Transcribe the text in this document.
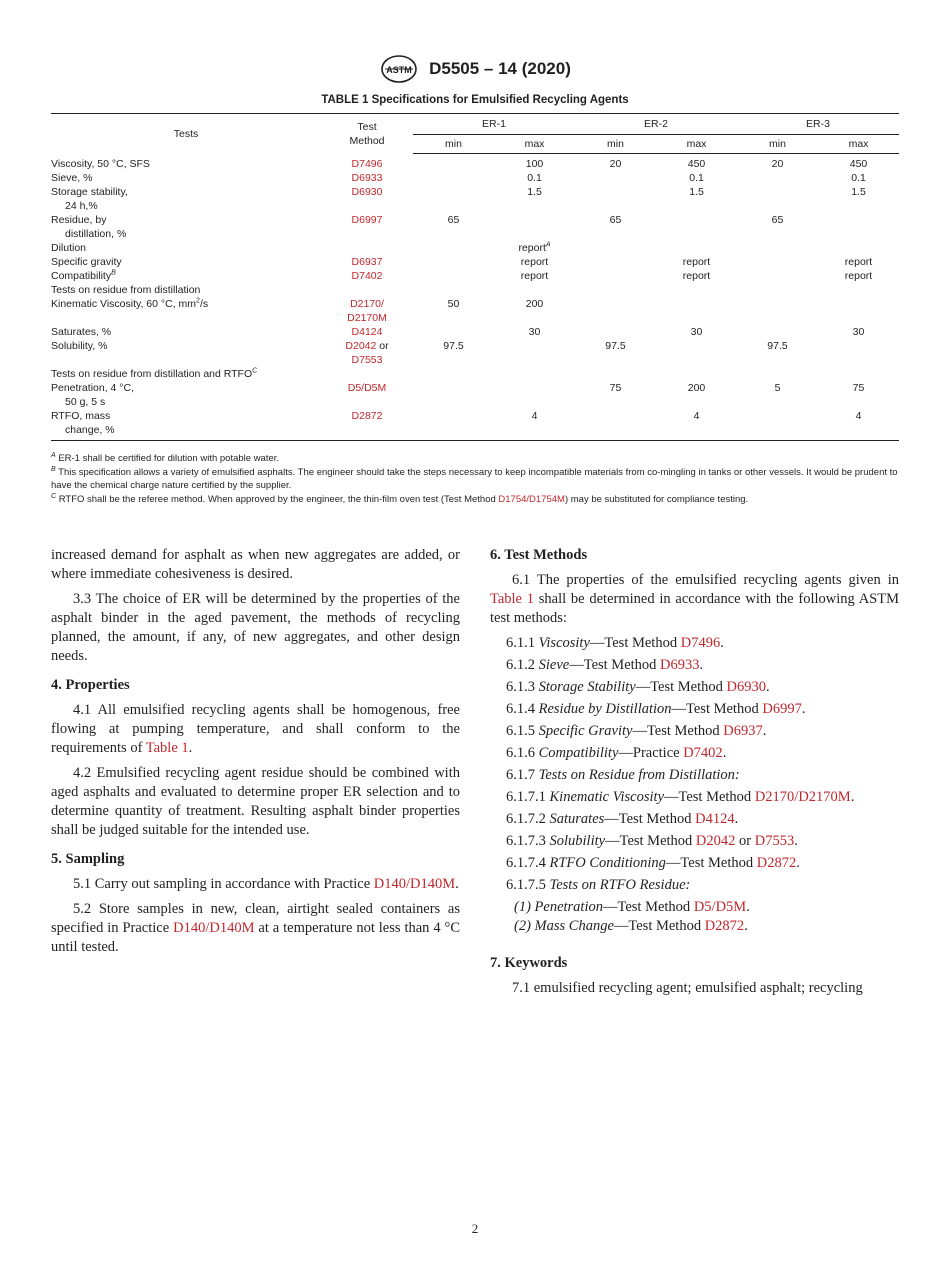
ASTM D5505 – 14 (2020)
TABLE 1 Specifications for Emulsified Recycling Agents
Tests	Test Method	ER-1		ER-2		ER-3	
		min	max	min	max	min	max
Viscosity, 50 °C, SFS	D7496		100	20	450	20	450
Sieve, %	D6933		0.1		0.1		0.1
Storage stability,
24 h,%	D6930		1.5		1.5		1.5
Residue, by
distillation, %	D6997	65		65		65	
Dilution			report$^A$				
Specific gravity	D6937		report		report		report
Compatibility$^B$	D7402		report		report		report
Tests on residue from distillation							
Kinematic Viscosity, 60 °C, $mm^2/s$	D2170/
D2170M	50	200				
Saturates, %	D4124		30		30		30
Solubility, %	D2042 or
D7553	97.5		97.5		97.5	
Tests on residue from distillation and $RTFO^C$							
Penetration, 4 °C,
50 g, 5 s	D5/D5M			75	200	5	75
RTFO, mass
change, %	D2872		4		4		4

$^A$ ER-1 shall be certified for dilution with potable water.

$^B$ This specification allows a variety of emulsified asphalts. The engineer should take the steps necessary to keep incompatible materials from co-mingling in tanks or other vessels. It would be prudent to have the chemical charge nature certified by the supplier.

$^C$ RTFO shall be the referee method. When approved by the engineer, the thin-film oven test (Test Method D1754/D1754M) may be substituted for compliance testing.

increased demand for asphalt as when new aggregates are added, or where immediate cohesiveness is desired.

3.3 The choice of ER will be determined by the properties of the asphalt binder in the aged pavement, the methods of recycling planned, the amount, if any, of new aggregates, and other design needs.

4. Properties

4.1 All emulsified recycling agents shall be homogenous, free flowing at pumping temperature, and shall conform to the requirements of Table 1.

4.2 Emulsified recycling agent residue should be combined with aged asphalts and evaluated to determine proper ER selection and to determine quantity of treatment. Resulting asphalt binder properties shall be judged suitable for the intended use.

5. Sampling

5.1 Carry out sampling in accordance with Practice D140/D140M.

5.2 Store samples in new, clean, airtight sealed containers as specified in Practice D140/D140M at a temperature not less than 4 °C until tested.

6. Test Methods

6.1 The properties of the emulsified recycling agents given in Table 1 shall be determined in accordance with the following ASTM test methods:

6.1.1 Viscosity—Test Method D7496.

6.1.2 Sieve—Test Method D6933.

6.1.3 Storage Stability—Test Method D6930.

6.1.4 Residue by Distillation—Test Method D6997.

6.1.5 Specific Gravity—Test Method D6937.

6.1.6 Compatibility—Practice D7402.

6.1.7 Tests on Residue from Distillation:

6.1.7.1 Kinematic Viscosity—Test Method D2170/D2170M.

6.1.7.2 Saturates—Test Method D4124.

6.1.7.3 Solubility—Test Method D2042 or D7553.

6.1.7.4 RTFO Conditioning—Test Method D2872.

6.1.7.5 Tests on RTFO Residue:

(1) Penetration—Test Method D5/D5M.

(2) Mass Change—Test Method D2872.

7. Keywords

7.1 emulsified recycling agent; emulsified asphalt; recycling

2
